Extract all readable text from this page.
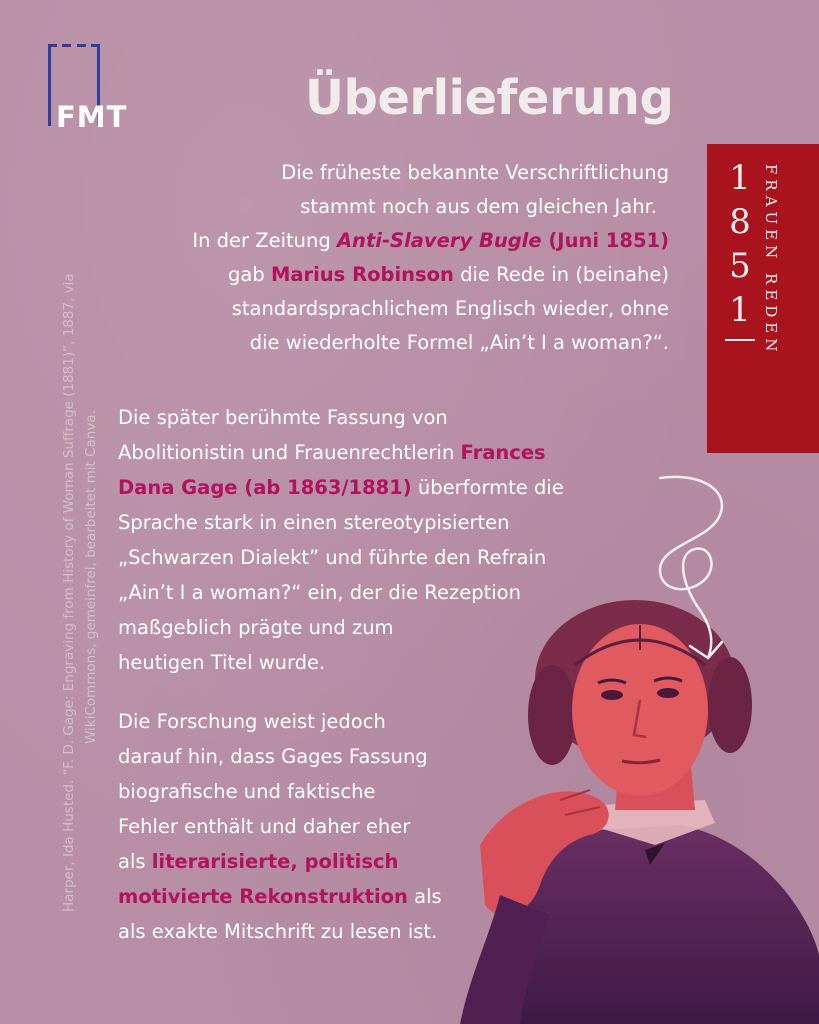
FMT	Überlieferung
Harper, Ida Husted. “F. D. Gage: Engraving from History of Woman Suffrage (1881)”, 1887, via WikiCommons, gemeinfrei, bearbeitet mit Canva.
1
8
5
1 FRAUEN REDEN
Die früheste bekannte Verschriftlichung
stammt noch aus dem gleichen Jahr.
In der Zeitung Anti-Slavery Bugle (Juni 1851)
gab Marius Robinson die Rede in (beinahe)
standardsprachlichem Englisch wieder, ohne
die wiederholte Formel „Ain’t I a woman?“.
Die später berühmte Fassung von
Abolitionistin und Frauenrechtlerin Frances
Dana Gage (ab 1863/1881) überformte die
Sprache stark in einen stereotypisierten
„Schwarzen Dialekt” und führte den Refrain
„Ain’t I a woman?“ ein, der die Rezeption
maßgeblich prägte und zum
heutigen Titel wurde.
Die Forschung weist jedoch
darauf hin, dass Gages Fassung
biografische und faktische
Fehler enthält und daher eher
als literarisierte, politisch
motivierte Rekonstruktion als
als exakte Mitschrift zu lesen ist.
